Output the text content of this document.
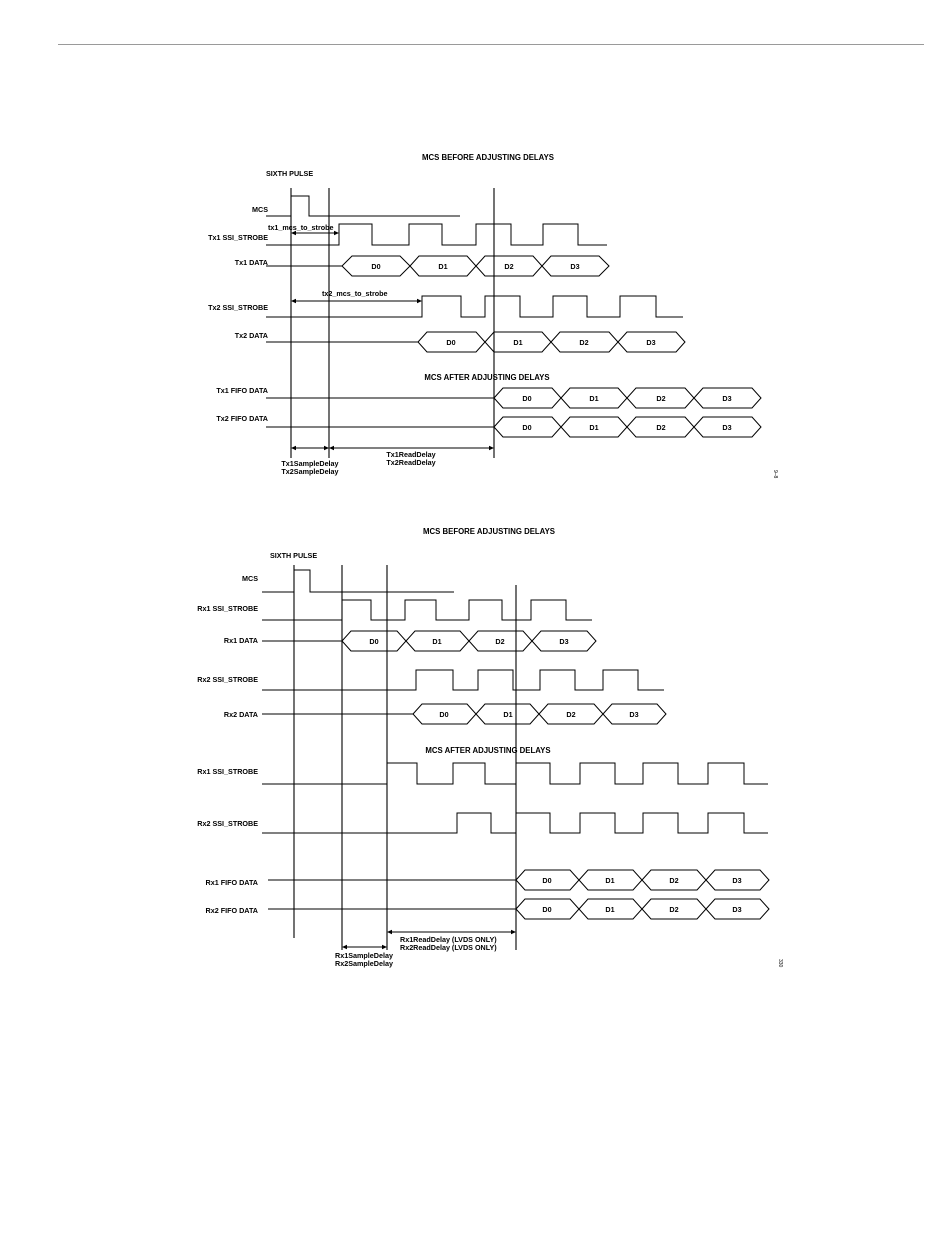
MCS BEFORE ADJUSTING DELAYS
SIXTH PULSE
MCS
Tx1 SSI_STROBE
Tx1 DATA
Tx2 SSI_STROBE
Tx2 DATA
tx1_mcs_to_strobe
D0	D1	D2	D3
tx2_mcs_to_strobe
D0	D1	D2	D3
MCS AFTER ADJUSTING DELAYS
Tx1 FIFO DATA
Tx2 FIFO DATA
D0	D1	D2	D3
D0	D1	D2	D3
Tx1SampleDelay
Tx2SampleDelay
Tx1ReadDelay
Tx2ReadDelay
9–8
MCS BEFORE ADJUSTING DELAYS
SIXTH PULSE
MCS
Rx1 SSI_STROBE
Rx1 DATA
Rx2 SSI_STROBE
Rx2 DATA
D0	D1	D2	D3
D0	D1	D2	D3
MCS AFTER ADJUSTING DELAYS
Rx1 SSI_STROBE
Rx2 SSI_STROBE
Rx1 FIFO DATA
Rx2 FIFO DATA
D0	D1	D2	D3
D0	D1	D2	D3
Rx1ReadDelay (LVDS ONLY)
Rx2ReadDelay (LVDS ONLY)
Rx1SampleDelay
Rx2SampleDelay	330
